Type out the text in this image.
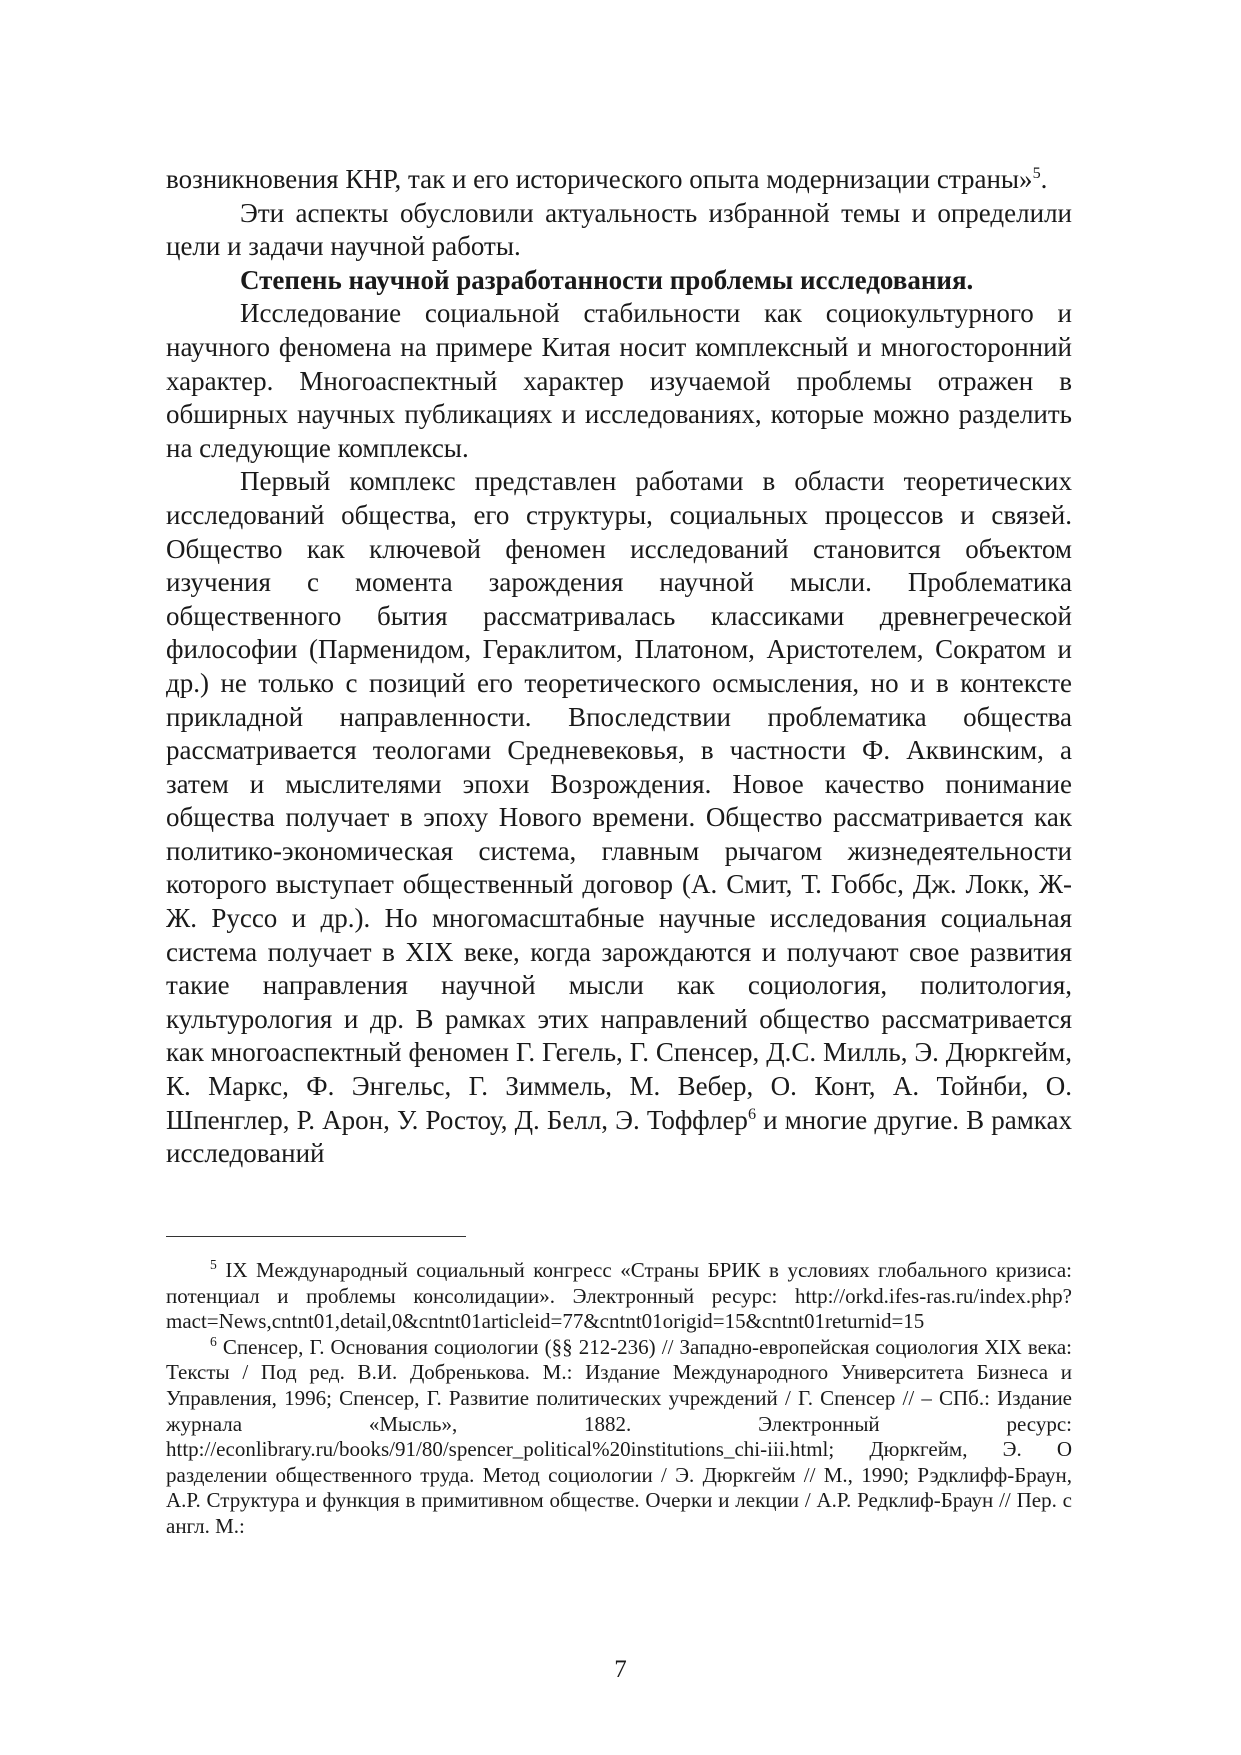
возникновения КНР, так и его исторического опыта модернизации страны»$^5$.

Эти аспекты обусловили актуальность избранной темы и определили цели и задачи научной работы.

Степень научной разработанности проблемы исследования.

Исследование социальной стабильности как социокультурного и научного феномена на примере Китая носит комплексный и многосторонний характер. Многоаспектный характер изучаемой проблемы отражен в обширных научных публикациях и исследованиях, которые можно разделить на следующие комплексы.

Первый комплекс представлен работами в области теоретических исследований общества, его структуры, социальных процессов и связей. Общество как ключевой феномен исследований становится объектом изучения с момента зарождения научной мысли. Проблематика общественного бытия рассматривалась классиками древнегреческой философии (Парменидом, Гераклитом, Платоном, Аристотелем, Сократом и др.) не только с позиций его теоретического осмысления, но и в контексте прикладной направленности. Впоследствии проблематика общества рассматривается теологами Средневековья, в частности Ф. Аквинским, а затем и мыслителями эпохи Возрождения. Новое качество понимание общества получает в эпоху Нового времени. Общество рассматривается как политико-экономическая система, главным рычагом жизнедеятельности которого выступает общественный договор (А. Смит, Т. Гоббс, Дж. Локк, Ж-Ж. Руссо и др.). Но многомасштабные научные исследования социальная система получает в XIX веке, когда зарождаются и получают свое развития такие направления научной мысли как социология, политология, культурология и др. В рамках этих направлений общество рассматривается как многоаспектный феномен Г. Гегель, Г. Спенсер, Д.С. Милль, Э. Дюркгейм, К. Маркс, Ф. Энгельс, Г. Зиммель, М. Вебер, О. Конт, А. Тойнби, О. Шпенглер, Р. Арон, У. Ростоу, Д. Белл, Э. Тоффлер$^6$ и многие другие. В рамках исследований

$^5$ IX Международный социальный конгресс «Страны БРИК в условиях глобального кризиса: потенциал и проблемы консолидации». Электронный ресурс: http://orkd.ifes-ras.ru/index.php?mact=News,cntnt01,detail,0&cntnt01articleid=77&cntnt01origid=15&cntnt01returnid=15

$^6$ Спенсер, Г. Основания социологии (§§ 212-236) // Западно-европейская социология XIX века: Тексты / Под ред. В.И. Добренькова. М.: Издание Международного Университета Бизнеса и Управления, 1996; Спенсер, Г. Развитие политических учреждений / Г. Спенсер // – СПб.: Издание журнала «Мысль», 1882. Электронный ресурс: http://econlibrary.ru/books/91/80/spencer_political%20institutions_chi-iii.html; Дюркгейм, Э. О разделении общественного труда. Метод социологии / Э. Дюркгейм // М., 1990; Рэдклифф-Браун, А.Р. Структура и функция в примитивном обществе. Очерки и лекции / А.Р. Редклиф-Браун // Пер. с англ. М.:

7
